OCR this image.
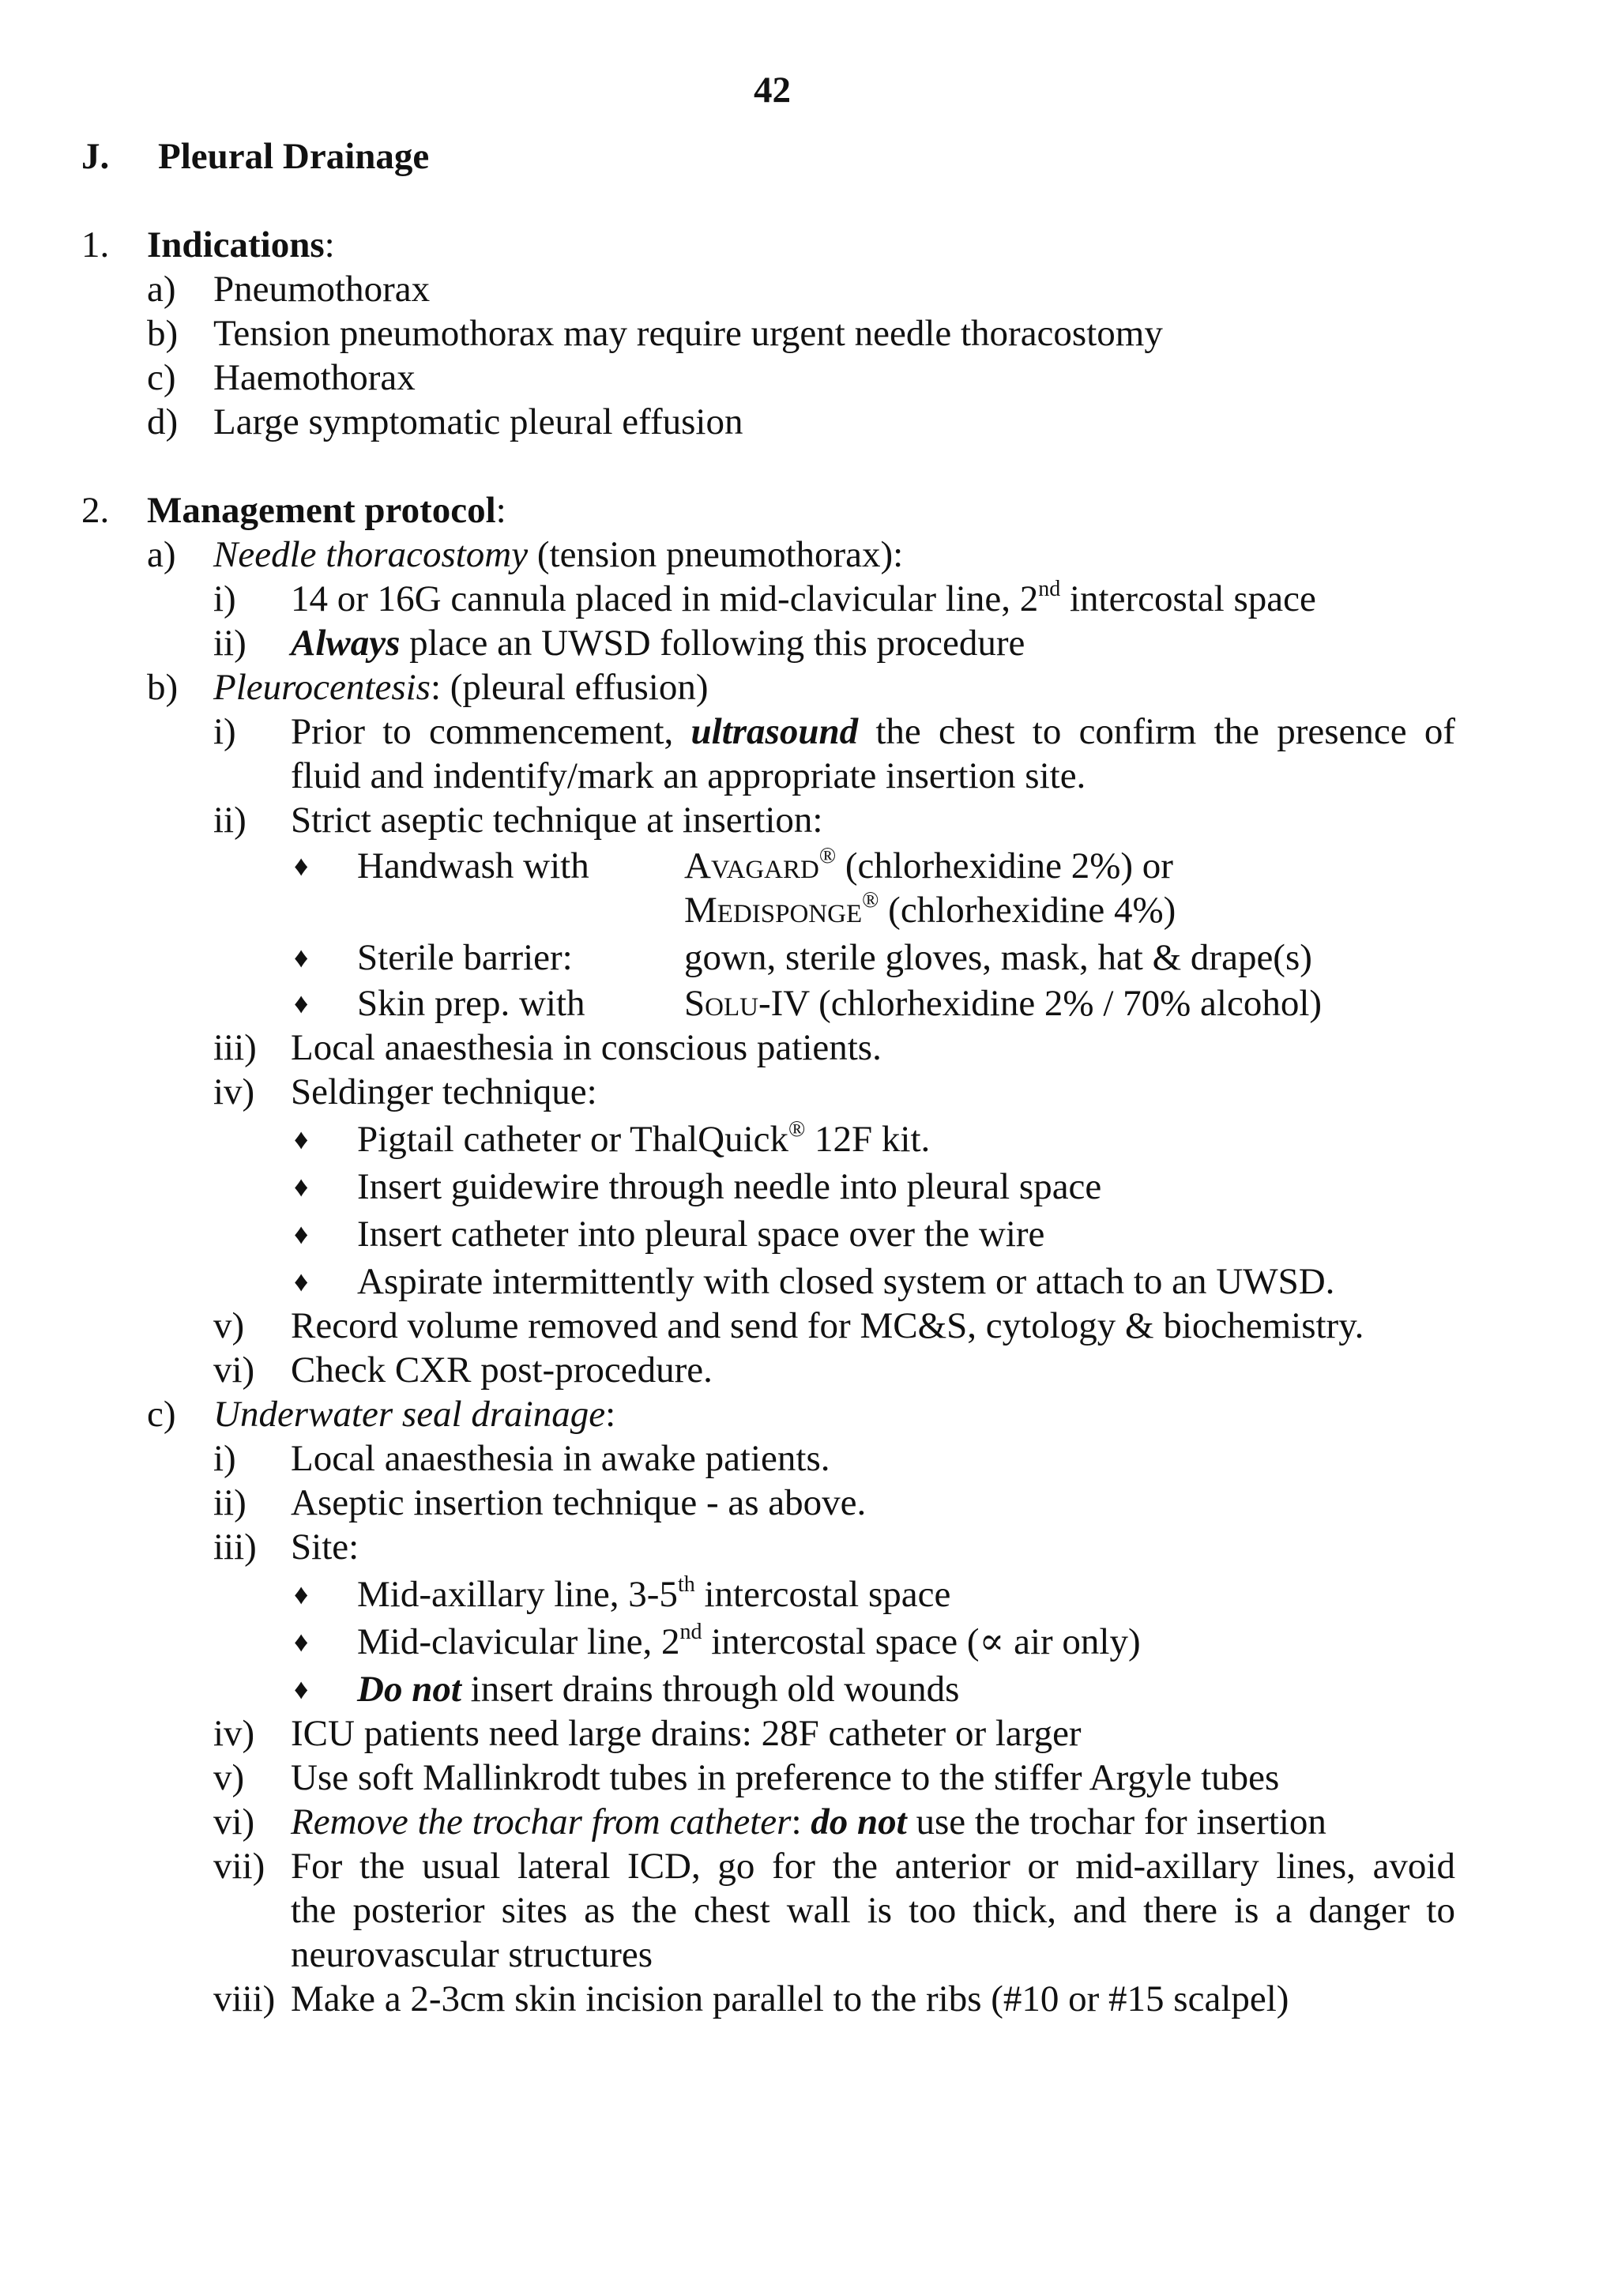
42
J. Pleural Drainage
1. Indications:
a) Pneumothorax
b) Tension pneumothorax may require urgent needle thoracostomy
c) Haemothorax
d) Large symptomatic pleural effusion
2. Management protocol:
a) Needle thoracostomy (tension pneumothorax):
i) 14 or 16G cannula placed in mid-clavicular line, 2nd intercostal space
ii) Always place an UWSD following this procedure
b) Pleurocentesis: (pleural effusion)
i) Prior to commencement, ultrasound the chest to confirm the presence of
fluid and indentify/mark an appropriate insertion site.
ii) Strict aseptic technique at insertion:
♦ Handwash with	Avagard® (chlorhexidine 2%) or
Medisponge® (chlorhexidine 4%)
♦ Sterile barrier:	gown, sterile gloves, mask, hat & drape(s)
♦ Skin prep. with	Solu-IV (chlorhexidine 2% / 70% alcohol)
iii) Local anaesthesia in conscious patients.
iv) Seldinger technique:
♦ Pigtail catheter or ThalQuick® 12F kit.
♦ Insert guidewire through needle into pleural space
♦ Insert catheter into pleural space over the wire
♦ Aspirate intermittently with closed system or attach to an UWSD.
v) Record volume removed and send for MC&S, cytology & biochemistry.
vi) Check CXR post-procedure.
c) Underwater seal drainage:
i) Local anaesthesia in awake patients.
ii) Aseptic insertion technique - as above.
iii) Site:
♦ Mid-axillary line, 3-5th intercostal space
♦ Mid-clavicular line, 2nd intercostal space (∝ air only)
♦ Do not insert drains through old wounds
iv) ICU patients need large drains: 28F catheter or larger
v) Use soft Mallinkrodt tubes in preference to the stiffer Argyle tubes
vi) Remove the trochar from catheter: do not use the trochar for insertion
vii) For the usual lateral ICD, go for the anterior or mid-axillary lines, avoid
the posterior sites as the chest wall is too thick, and there is a danger to
neurovascular structures
viii) Make a 2-3cm skin incision parallel to the ribs (#10 or #15 scalpel)
